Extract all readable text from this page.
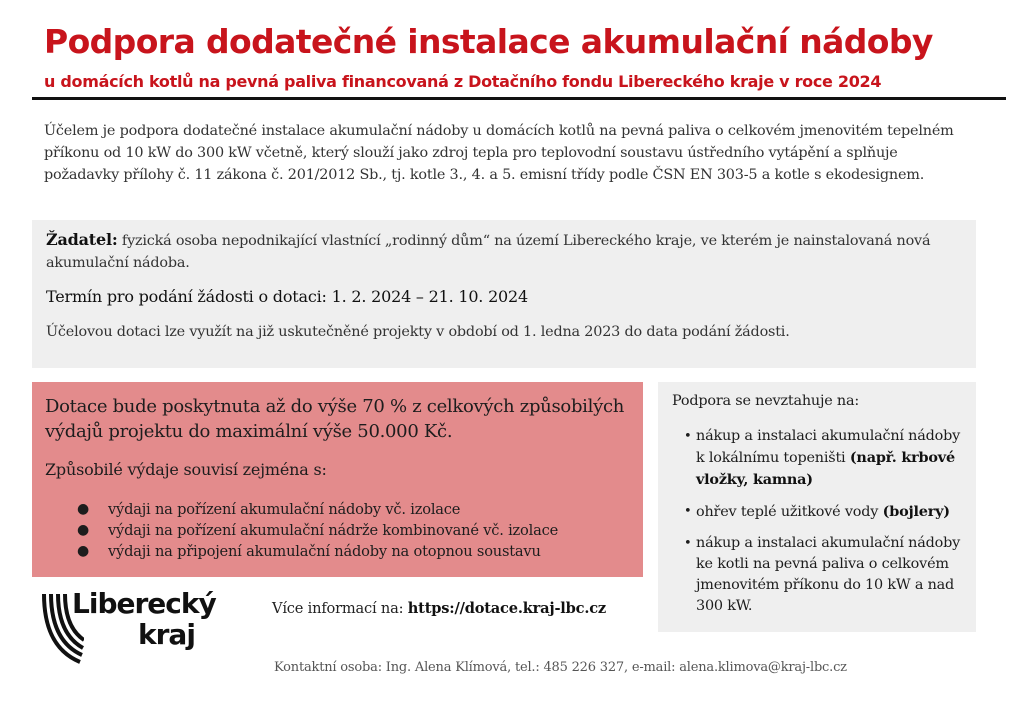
Podpora dodatečné instalace akumulační nádoby
u domácích kotlů na pevná paliva financovaná z Dotačního fondu Libereckého kraje v roce 2024

Účelem je podpora dodatečné instalace akumulační nádoby u domácích kotlů na pevná paliva o celkovém jmenovitém tepelném příkonu od 10 kW do 300 kW včetně, který slouží jako zdroj tepla pro teplovodní soustavu ústředního vytápění a splňuje požadavky přílohy č. 11 zákona č. 201/2012 Sb., tj. kotle 3., 4. a 5. emisní třídy podle ČSN EN 303-5 a kotle s ekodesignem.

Žadatel: fyzická osoba nepodnikající vlastnící „rodinný dům“ na území Libereckého kraje, ve kterém je nainstalovaná nová akumulační nádoba.

Termín pro podání žádosti o dotaci: 1. 2. 2024 – 21. 10. 2024

Účelovou dotaci lze využít na již uskutečněné projekty v období od 1. ledna 2023 do data podání žádosti.

Dotace bude poskytnuta až do výše 70 % z celkových způsobilých výdajů projektu do maximální výše 50.000 Kč.

Způsobilé výdaje souvisí zejména s:

● výdaji na pořízení akumulační nádoby vč. izolace
● výdaji na pořízení akumulační nádrže kombinované vč. izolace
● výdaji na připojení akumulační nádoby na otopnou soustavu

Podpora se nevztahuje na:

• nákup a instalaci akumulační nádoby k lokálnímu topeništi (např. krbové vložky, kamna)
• ohřev teplé užitkové vody (bojlery)
• nákup a instalaci akumulační nádoby ke kotli na pevná paliva o celkovém jmenovitém příkonu do 10 kW a nad 300 kW.
Liberecký
kraj

Více informací na: https://dotace.kraj-lbc.cz

Kontaktní osoba: Ing. Alena Klímová, tel.: 485 226 327, e-mail: alena.klimova@kraj-lbc.cz
